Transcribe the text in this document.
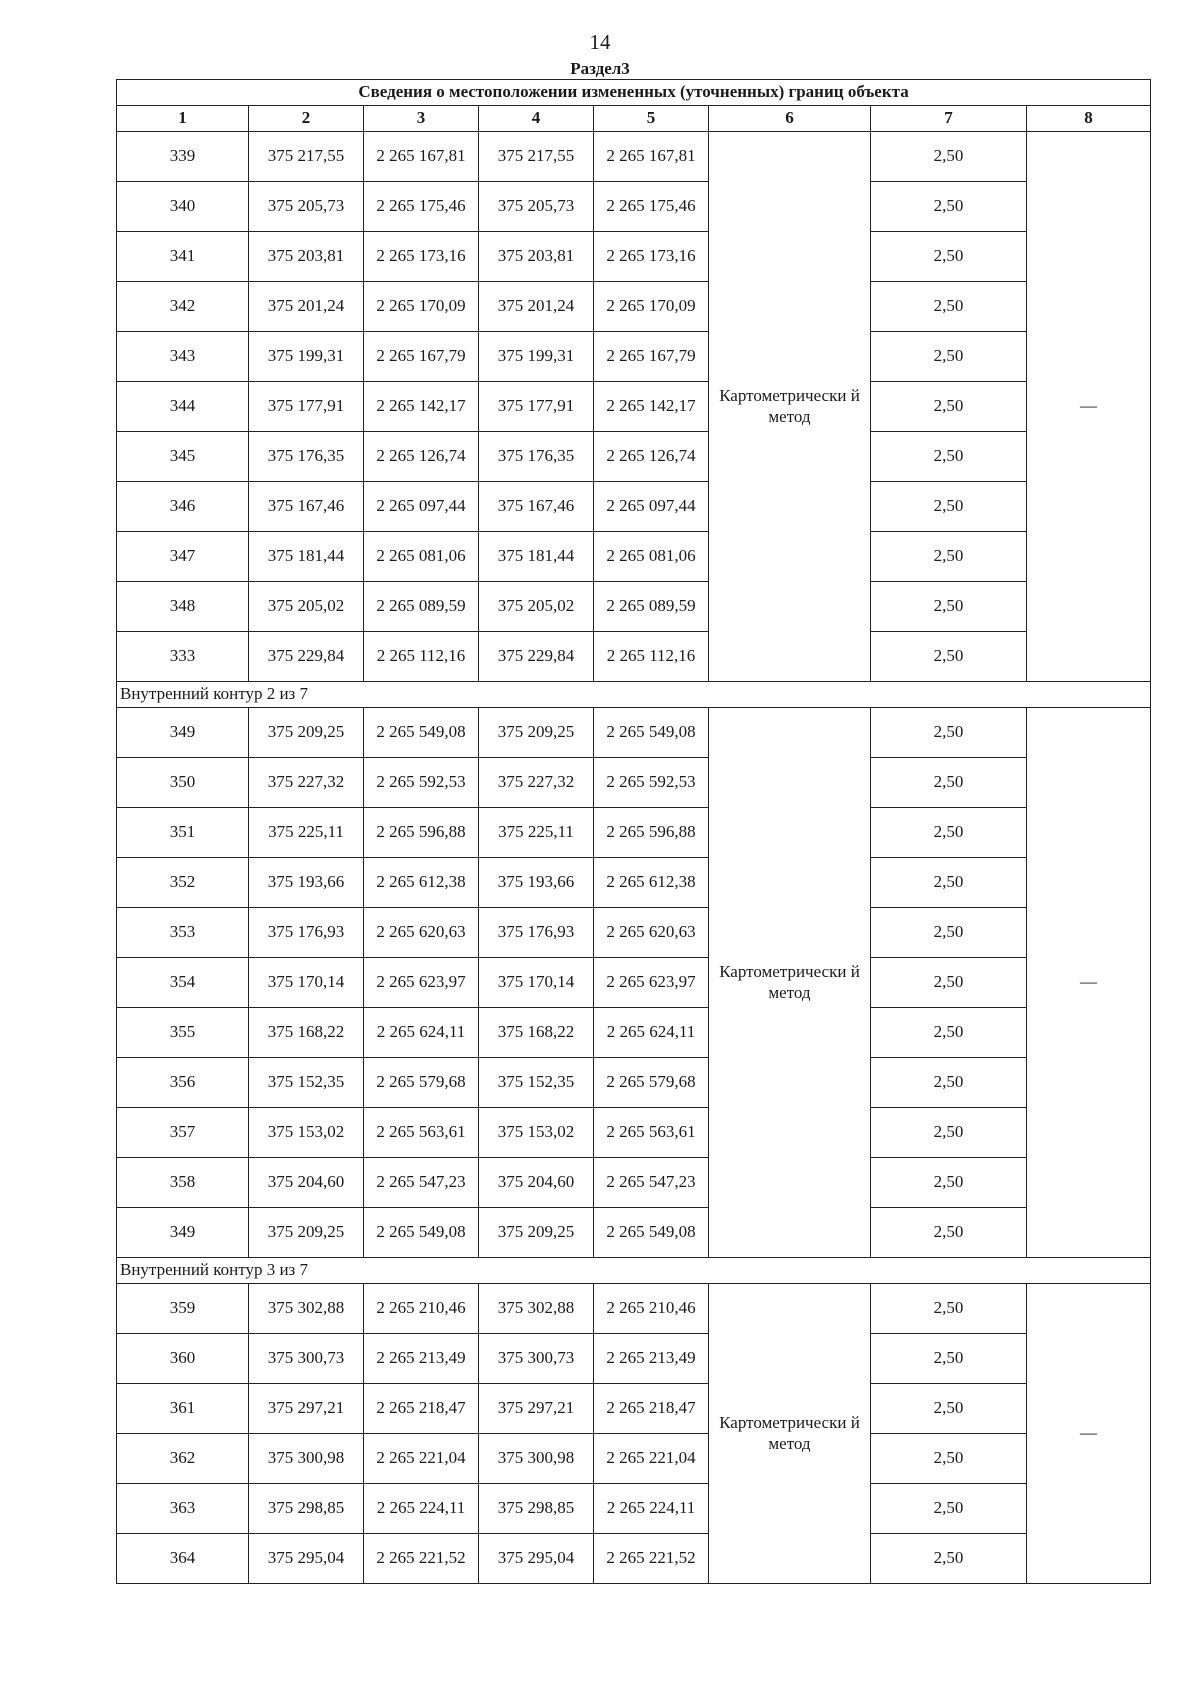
14
Раздел3
Сведения о местоположении измененных (уточненных) границ объекта							
1	2	3	4	5	6	7	8
339	375 217,55	2 265 167,81	375 217,55	2 265 167,81	Картометрически й метод	2,50	—
340	375 205,73	2 265 175,46	375 205,73	2 265 175,46		2,50	
341	375 203,81	2 265 173,16	375 203,81	2 265 173,16		2,50	
342	375 201,24	2 265 170,09	375 201,24	2 265 170,09		2,50	
343	375 199,31	2 265 167,79	375 199,31	2 265 167,79		2,50	
344	375 177,91	2 265 142,17	375 177,91	2 265 142,17		2,50	
345	375 176,35	2 265 126,74	375 176,35	2 265 126,74		2,50	
346	375 167,46	2 265 097,44	375 167,46	2 265 097,44		2,50	
347	375 181,44	2 265 081,06	375 181,44	2 265 081,06		2,50	
348	375 205,02	2 265 089,59	375 205,02	2 265 089,59		2,50	
333	375 229,84	2 265 112,16	375 229,84	2 265 112,16		2,50	
Внутренний контур 2 из 7							
349	375 209,25	2 265 549,08	375 209,25	2 265 549,08	Картометрически й метод	2,50	—
350	375 227,32	2 265 592,53	375 227,32	2 265 592,53		2,50	
351	375 225,11	2 265 596,88	375 225,11	2 265 596,88		2,50	
352	375 193,66	2 265 612,38	375 193,66	2 265 612,38		2,50	
353	375 176,93	2 265 620,63	375 176,93	2 265 620,63		2,50	
354	375 170,14	2 265 623,97	375 170,14	2 265 623,97		2,50	
355	375 168,22	2 265 624,11	375 168,22	2 265 624,11		2,50	
356	375 152,35	2 265 579,68	375 152,35	2 265 579,68		2,50	
357	375 153,02	2 265 563,61	375 153,02	2 265 563,61		2,50	
358	375 204,60	2 265 547,23	375 204,60	2 265 547,23		2,50	
349	375 209,25	2 265 549,08	375 209,25	2 265 549,08		2,50	
Внутренний контур 3 из 7							
359	375 302,88	2 265 210,46	375 302,88	2 265 210,46	Картометрически й метод	2,50	—
360	375 300,73	2 265 213,49	375 300,73	2 265 213,49		2,50	
361	375 297,21	2 265 218,47	375 297,21	2 265 218,47		2,50	
362	375 300,98	2 265 221,04	375 300,98	2 265 221,04		2,50	
363	375 298,85	2 265 224,11	375 298,85	2 265 224,11		2,50	
364	375 295,04	2 265 221,52	375 295,04	2 265 221,52		2,50	
